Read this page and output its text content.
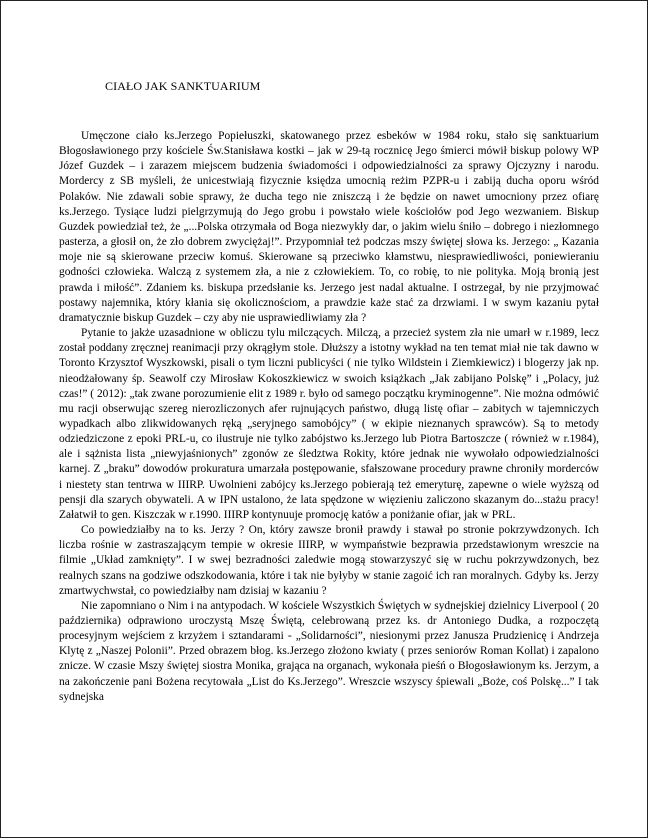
CIAŁO JAK SANKTUARIUM

Umęczone ciało ks.Jerzego Popiełuszki, skatowanego przez esbeków w 1984 roku, stało się sanktuarium Błogosławionego przy kościele Św.Stanisława kostki – jak w 29-tą rocznicę Jego śmierci mówił biskup polowy WP Józef Guzdek – i zarazem miejscem budzenia świadomości i odpowiedzialności za sprawy Ojczyzny i narodu. Mordercy z SB myśleli, że unicestwiają fizycznie księdza umocnią reżim PZPR-u i zabiją ducha oporu wśród Polaków. Nie zdawali sobie sprawy, że ducha tego nie zniszczą i że będzie on nawet umocniony przez ofiarę ks.Jerzego. Tysiące ludzi pielgrzymują do Jego grobu i powstało wiele kościołów pod Jego wezwaniem. Biskup Guzdek powiedział też, że „...Polska otrzymała od Boga niezwykły dar, o jakim wielu śniło – dobrego i niezłomnego pasterza, a głosił on, że zło dobrem zwyciężaj!”. Przypomniał też podczas mszy świętej słowa ks. Jerzego: „ Kazania moje nie są skierowane przeciw komuś. Skierowane są przeciwko kłamstwu, niesprawiedliwości, poniewieraniu godności człowieka. Walczą z systemem zła, a nie z człowiekiem. To, co robię, to nie polityka. Moją bronią jest prawda i miłość”. Zdaniem ks. biskupa przedsłanie ks. Jerzego jest nadal aktualne. I ostrzegał, by nie przyjmować postawy najemnika, który kłania się okolicznościom, a prawdzie każe stać za drzwiami. I w swym kazaniu pytał dramatycznie biskup Guzdek – czy aby nie usprawiedliwiamy zła ?

Pytanie to jakże uzasadnione w obliczu tylu milczących. Milczą, a przecież system zła nie umarł w r.1989, lecz został poddany zręcznej reanimacji przy okrągłym stole. Dłuższy a istotny wykład na ten temat miał nie tak dawno w Toronto Krzysztof Wyszkowski, pisali o tym liczni publicyści ( nie tylko Wildstein i Ziemkiewicz) i blogerzy jak np. nieodżałowany śp. Seawolf czy Mirosław Kokoszkiewicz w swoich książkach „Jak zabijano Polskę” i „Polacy, już czas!” ( 2012): „tak zwane porozumienie elit z 1989 r. było od samego początku kryminogenne”. Nie można odmówić mu racji obserwując szereg nierozliczonych afer rujnujących państwo, długą listę ofiar – zabitych w tajemniczych wypadkach albo zlikwidowanych ręką „seryjnego samobójcy” ( w ekipie nieznanych sprawców). Są to metody odziedziczone z epoki PRL-u, co ilustruje nie tylko zabójstwo ks.Jerzego lub Piotra Bartoszcze ( również w r.1984), ale i sążnista lista „niewyjaśnionych” zgonów ze śledztwa Rokity, które jednak nie wywołało odpowiedzialności karnej. Z „braku” dowodów prokuratura umarzała postępowanie, sfałszowane procedury prawne chroniły morderców i niestety stan tentrwa w IIIRP. Uwolnieni zabójcy ks.Jerzego pobierają też emeryturę, zapewne o wiele wyższą od pensji dla szarych obywateli. A w IPN ustalono, że lata spędzone w więzieniu zaliczono skazanym do...stażu pracy! Załatwił to gen. Kiszczak w r.1990. IIIRP kontynuuje promocję katów a poniżanie ofiar, jak w PRL.

Co powiedziałby na to ks. Jerzy ? On, który zawsze bronił prawdy i stawał po stronie pokrzywdzonych. Ich liczba rośnie w zastraszającym tempie w okresie IIIRP, w wympaństwie bezprawia przedstawionym wreszcie na filmie „Układ zamknięty”. I w swej bezradności zaledwie mogą stowarzyszyć się w ruchu pokrzywdzonych, bez realnych szans na godziwe odszkodowania, które i tak nie byłyby w stanie zagoić ich ran moralnych. Gdyby ks. Jerzy zmartwychwstał, co powiedziałby nam dzisiaj w kazaniu ?

Nie zapomniano o Nim i na antypodach. W kościele Wszystkich Świętych w sydnejskiej dzielnicy Liverpool ( 20 października) odprawiono uroczystą Mszę Świętą, celebrowaną przez ks. dr Antoniego Dudka, a rozpoczętą procesyjnym wejściem z krzyżem i sztandarami - „Solidarności”, niesionymi przez Janusza Prudzienicę i Andrzeja Klytę z „Naszej Polonii”. Przed obrazem błog. ks.Jerzego złożono kwiaty ( przes seniorów Roman Kollat) i zapalono znicze. W czasie Mszy świętej siostra Monika, grająca na organach, wykonała pieśń o Błogosławionym ks. Jerzym, a na zakończenie pani Bożena recytowała „List do Ks.Jerzego”. Wreszcie wszyscy śpiewali „Boże, coś Polskę...” I tak sydnejska
